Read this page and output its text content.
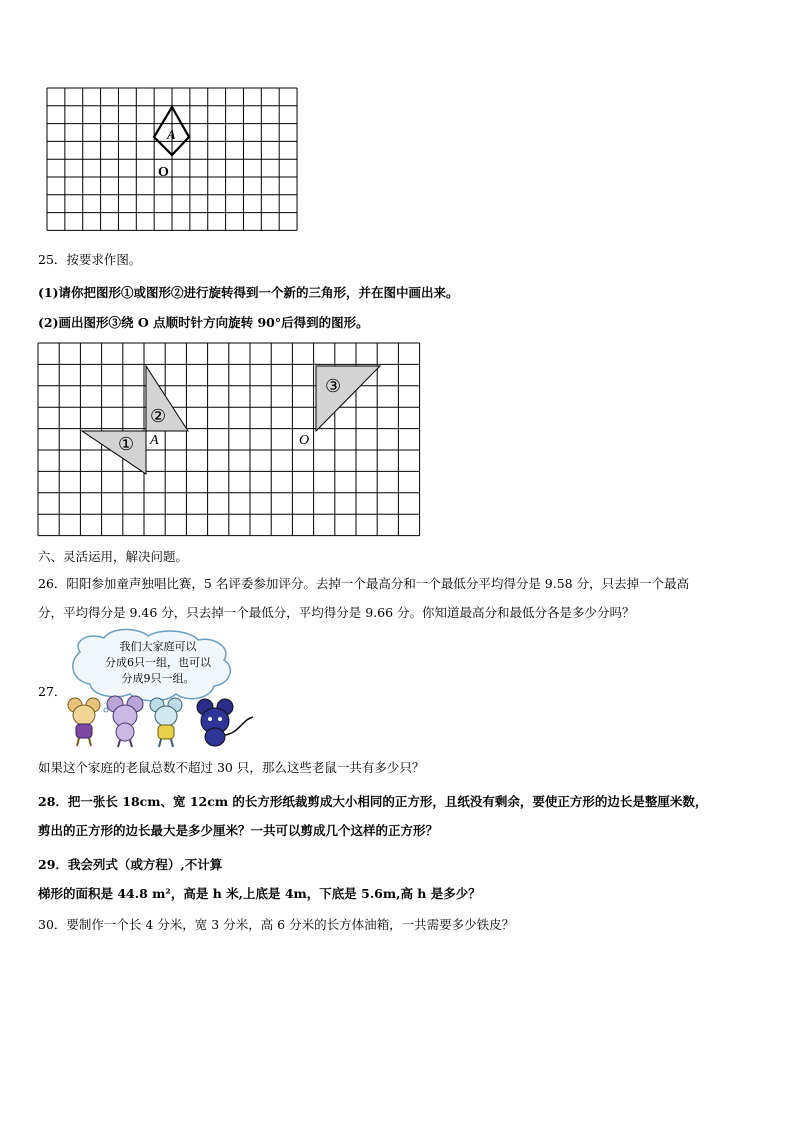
A
O
25．按要求作图。
(1)请你把图形①或图形②进行旋转得到一个新的三角形，并在图中画出来。
(2)画出图形③绕 O 点顺时针方向旋转 90°后得到的图形。
①
②
③
A	O
六、灵活运用，解决问题。
26．阳阳参加童声独唱比赛，5 名评委参加评分。去掉一个最高分和一个最低分平均得分是 9.58 分，只去掉一个最高
分，平均得分是 9.46 分，只去掉一个最低分，平均得分是 9.66 分。你知道最高分和最低分各是多少分吗？
我们大家庭可以
分成6只一组，也可以
分成9只一组。
27．
如果这个家庭的老鼠总数不超过 30 只，那么这些老鼠一共有多少只？
28．把一张长 18cm、宽 12cm 的长方形纸裁剪成大小相同的正方形，且纸没有剩余，要使正方形的边长是整厘米数，
剪出的正方形的边长最大是多少厘米？一共可以剪成几个这样的正方形？
29．我会列式（或方程）,不计算
梯形的面积是 44.8 m²，高是 h 米,上底是 4m，下底是 5.6m,高 h 是多少？
30．要制作一个长 4 分米，宽 3 分米，高 6 分米的长方体油箱，一共需要多少铁皮？
